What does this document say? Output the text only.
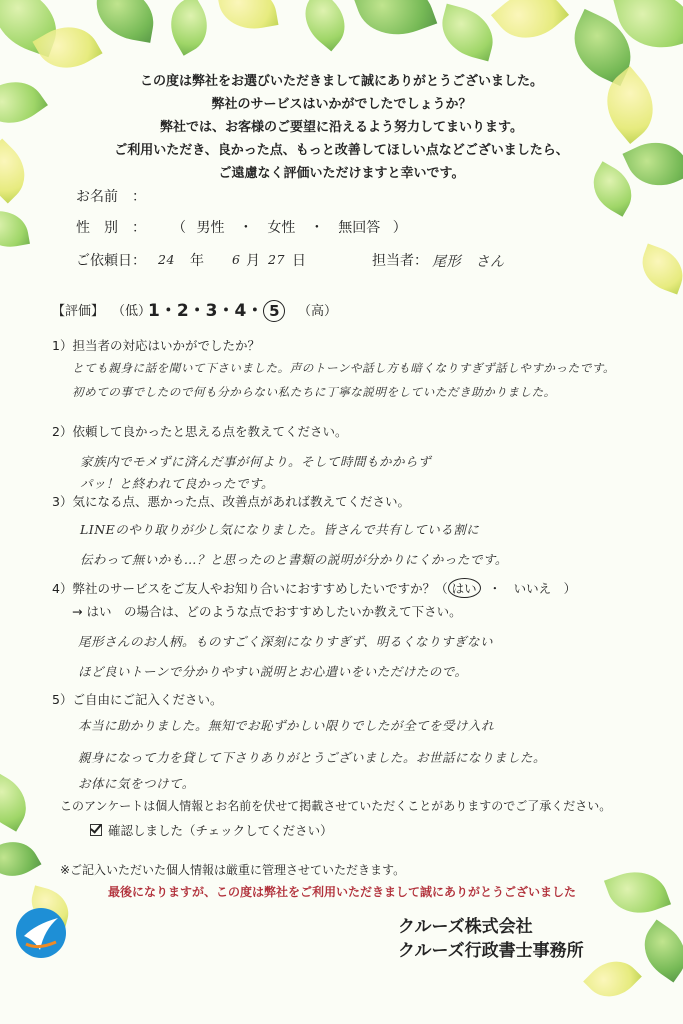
この度は弊社をお選びいただきまして誠にありがとうございました。
弊社のサービスはいかがでしたでしょうか？
弊社では、お客様のご要望に沿えるよう努力してまいります。
ご利用いただき、良かった点、もっと改善してほしい点などございましたら、
ご遠慮なく評価いただけますと幸いです。
お名前　：
性　別　： （ 男性 ・ 女性 ・ 無回答 ）
ご依頼日： 24 年 6 月 27 日	担当者： 尾形　さん
【評価】 （低）
1・2・3・4・ 5	（高）
1）担当者の対応はいかがでしたか？
とても親身に話を聞いて下さいました。声のトーンや話し方も暗くなりすぎず話しやすかったです。
初めての事でしたので何も分からない私たちに丁寧な説明をしていただき助かりました。
2）依頼して良かったと思える点を教えてください。
家族内でモメずに済んだ事が何より。そして時間もかからず
パッ！と終われて良かったです。
3）気になる点、悪かった点、改善点があれば教えてください。
LINEのやり取りが少し気になりました。皆さんで共有している割に
伝わって無いかも…？と思ったのと書類の説明が分かりにくかったです。
4）弊社のサービスをご友人やお知り合いにおすすめしたいですか？（ はい ・　いいえ　）
→ はい　の場合は、どのような点でおすすめしたいか教えて下さい。
尾形さんのお人柄。ものすごく深刻になりすぎず、明るくなりすぎない
ほど良いトーンで分かりやすい説明とお心遣いをいただけたので。
5）ご自由にご記入ください。
本当に助かりました。無知でお恥ずかしい限りでしたが全てを受け入れ
親身になって力を貸して下さりありがとうございました。お世話になりました。
お体に気をつけて。
このアンケートは個人情報とお名前を伏せて掲載させていただくことがありますのでご了承ください。
確認しました（チェックしてください）
※ご記入いただいた個人情報は厳重に管理させていただきます。
最後になりますが、この度は弊社をご利用いただきまして誠にありがとうございました
クルーズ株式会社
クルーズ行政書士事務所
